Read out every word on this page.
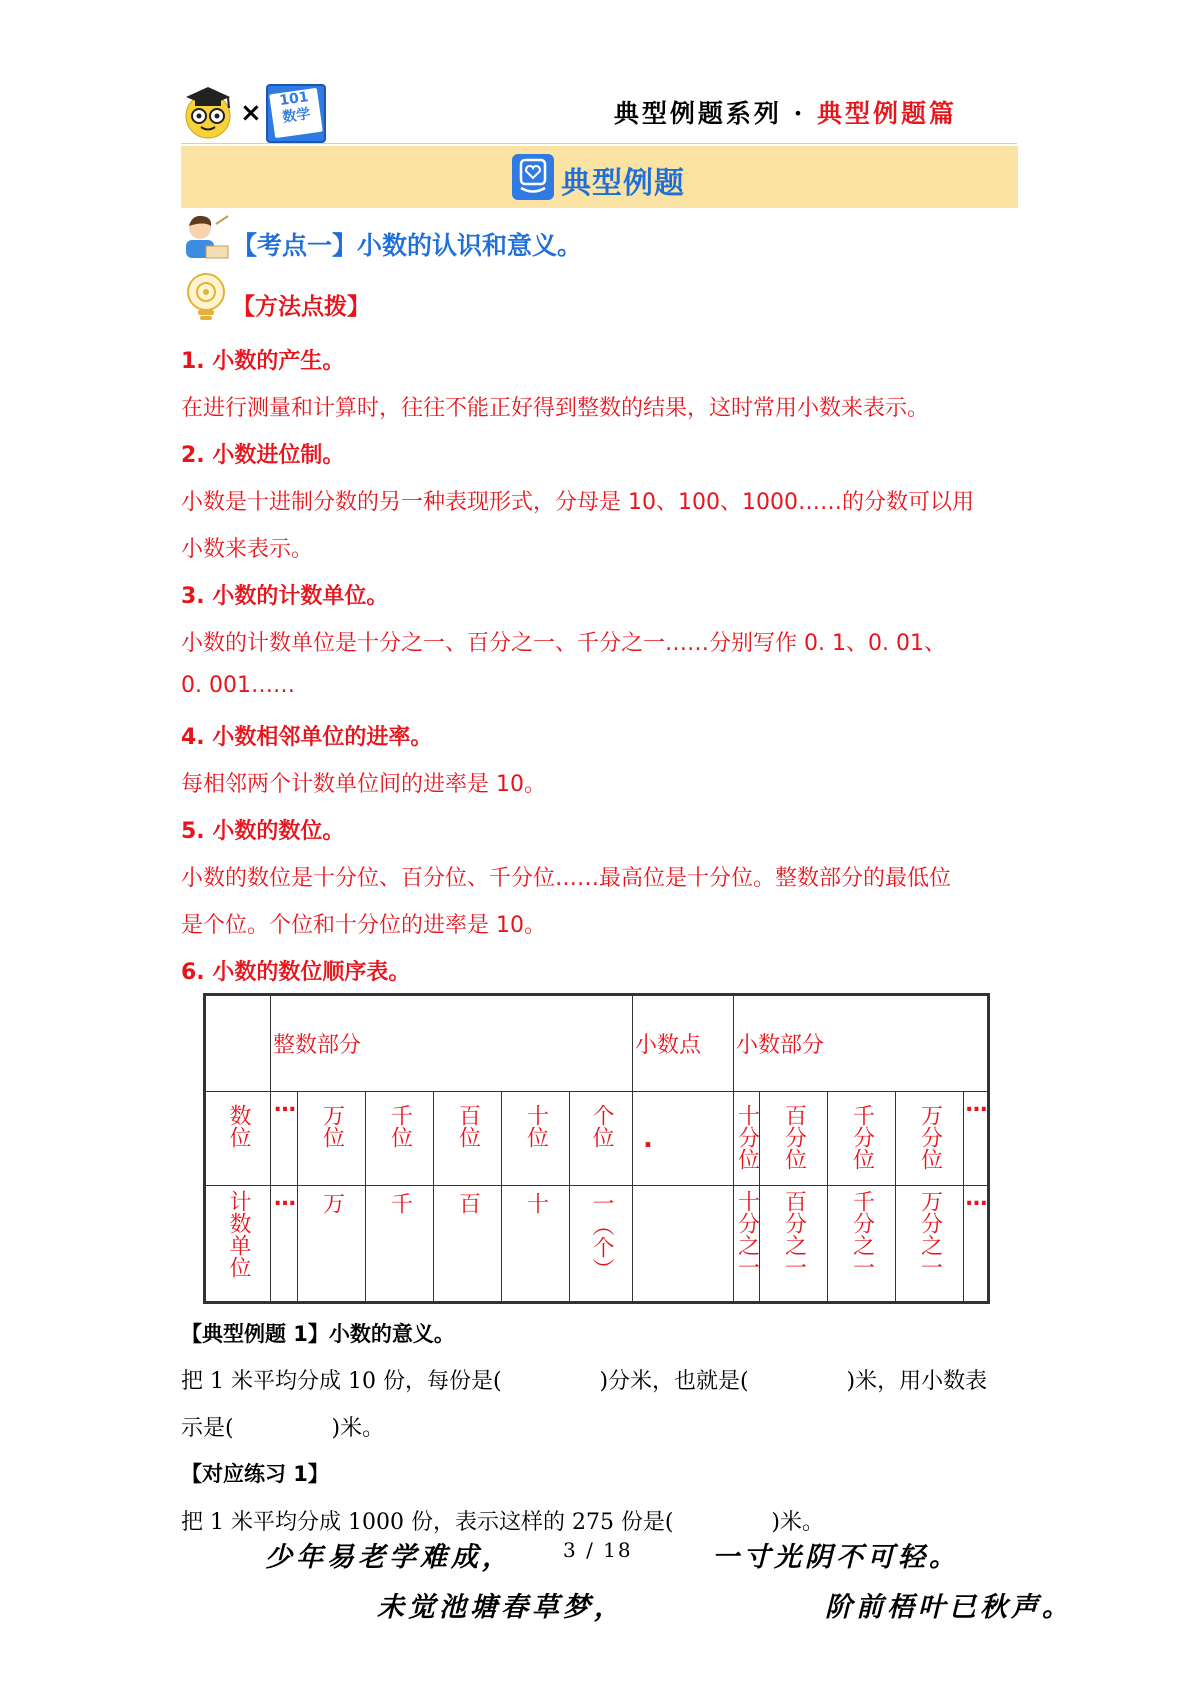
×	101
数学	典型例题系列 · 典型例题篇
典型例题
【考点一】小数的认识和意义。
【方法点拨】
1. 小数的产生。
在进行测量和计算时，往往不能正好得到整数的结果，这时常用小数来表示。
2. 小数进位制。
小数是十进制分数的另一种表现形式，分母是 10、100、1000……的分数可以用
小数来表示。
3. 小数的计数单位。
小数的计数单位是十分之一、百分之一、千分之一……分别写作 0. 1、0. 01、
0. 001……
4. 小数相邻单位的进率。
每相邻两个计数单位间的进率是 10。
5. 小数的数位。
小数的数位是十分位、百分位、千分位……最高位是十分位。整数部分的最低位
是个位。个位和十分位的进率是 10。
6. 小数的数位顺序表。
	整数部分						小数点	小数部分				
数位	…	万位	千位	百位	十位	个位	.	十分位	百分位	千分位	万分位	…
计数单位	…	万	千	百	十	一（个）		十分之一	百分之一	千分之一	万分之一	…
【典型例题 1】小数的意义。
把 1 米平均分成 10 份，每份是(              )分米，也就是(              )米，用小数表
示是(              )米。
【对应练习 1】
把 1 米平均分成 1000 份，表示这样的 275 份是(              )米。
少年易老学难成，	3 / 18	一寸光阴不可轻。
未觉池塘春草梦，	阶前梧叶已秋声。
